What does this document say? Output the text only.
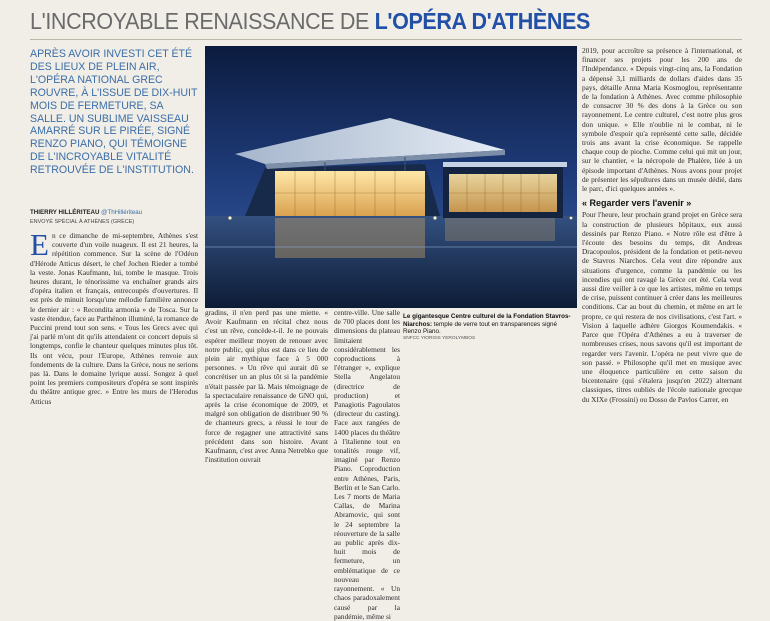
L'INCROYABLE RENAISSANCE DE L'OPÉRA D'ATHÈNES
APRÈS AVOIR INVESTI CET ÉTÉ DES LIEUX DE PLEIN AIR, L'OPÉRA NATIONAL GREC ROUVRE, À L'ISSUE DE DIX-HUIT MOIS DE FERMETURE, SA SALLE. UN SUBLIME VAISSEAU AMARRÉ SUR LE PIRÉE, SIGNÉ RENZO PIANO, QUI TÉMOIGNE DE L'INCROYABLE VITALITÉ RETROUVÉE DE L'INSTITUTION.
THIERRY HILLÉRITEAU @ThHillériteau
ENVOYÉ SPÉCIAL À ATHÈNES (GRÈCE)
Le gigantesque Centre culturel de la Fondation Stavros-Niarchos: temple de verre tout en transparences signé Renzo Piano.
SNFCC YIORGIS YEROLYMBOS

En ce dimanche de mi-septembre, Athènes s'est couverte d'un voile nuageux. Il est 21 heures, la répétition commence. Sur la scène de l'Odéon d'Hérode Atticus désert, le chef Jochen Rieder a tombé la veste. Jonas Kaufmann, lui, tombe le masque. Trois heures durant, le ténorissime va enchaîner grands airs d'opéra italien et français, entrecoupés d'ouvertures. Il est près de minuit lorsqu'une mélodie familière annonce le dernier air : « Recondita armonia » de Tosca. Sur la vaste étendue, face au Parthénon illuminé, la romance de Puccini prend tout son sens. « Tous les Grecs avec qui j'ai parlé m'ont dit qu'ils attendaient ce concert depuis si longtemps, confie le chanteur quelques minutes plus tôt. Ils ont vécu, pour l'Europe, Athènes renvoie aux fondements de la culture. Dans la Grèce, nous ne serions pas là. Dans le domaine lyrique aussi. Songez à quel point les premiers compositeurs d'opéra se sont inspirés du théâtre antique grec. » Entre les murs de l'Herodus Atticus

gradins, il n'en perd pas une miette. « Avoir Kaufmann en récital chez nous c'est un rêve, concède-t-il. Je ne pouvais espérer meilleur moyen de renouer avec notre public, qui plus est dans ce lieu de plein air mythique face à 5 000 personnes. » Un rêve qui aurait dû se concrétiser un an plus tôt si la pandémie n'était passée par là. Mais témoignage de la spectaculaire renaissance de GNO qui, après la crise économique de 2009, et malgré son obligation de distribuer 90 % de chanteurs grecs, a réussi le tour de force de regagner une attractivité sans précédent dans son histoire. Avant Kaufmann, c'est avec Anna Netrebko que l'institution ouvrait

centre-ville. Une salle de 700 places dont les dimensions du plateau limitaient considérablement les coproductions à l'étranger », explique Stella Angelatou (directrice de production) et Panagiotis Pagoulatos (directeur du casting). Face aux rangées de 1400 places du théâtre à l'italienne tout en tonalités rouge vif, imaginé par Renzo Piano. Coproduction entre Athènes, Paris, Berlin et le San Carlo. Les 7 morts de Maria Callas, de Marina Abramovic, qui sont le 24 septembre la réouverture de la salle au public après dix-huit mois de fermeture, un emblématique de ce nouveau rayonnement. « Un chaos paradoxalement causé par la pandémie, même si

2019, pour accroître sa présence à l'international, et financer ses projets pour les 200 ans de l'Indépendance. « Depuis vingt-cinq ans, la Fondation a dépensé 3,1 milliards de dollars d'aides dans 35 pays, détaille Anna Maria Kosmoglou, représentante de la fondation à Athènes. Avec comme philosophie de consacrer 30 % des dons à la Grèce ou son rayonnement. Le centre culturel, c'est notre plus gros don unique. » Elle n'oublie ni le combat, ni le symbole d'espoir qu'a représenté cette salle, décidée trois ans avant la crise économique. Se rappelle chaque coup de pioche. Comme celui qui mit un jour, sur le chantier, « la nécropole de Phalère, liée à un épisode important d'Athènes. Nous avons pour projet de présenter les sépultures dans un musée dédié, dans le parc, d'ici quelques années ».

« Regarder vers l'avenir »

Pour l'heure, leur prochain grand projet en Grèce sera la construction de plusieurs hôpitaux, eux aussi dessinés par Renzo Piano. « Notre rôle est d'être à l'écoute des besoins du temps, dit Andreas Dracopoulos, président de la fondation et petit-neveu de Stavros Niarchos. Cela veut dire répondre aux situations d'urgence, comme la pandémie ou les incendies qui ont ravagé la Grèce cet été. Cela veut aussi dire veiller à ce que les artistes, même en temps de crise, puissent continuer à créer dans les meilleures conditions. Car au bout du chemin, et même en art le propre, ce qui restera de nos civilisations, c'est l'art. » Vision à laquelle adhère Giorgos Koumendakis. « Parce que l'Opéra d'Athènes a eu à traverser de nombreuses crises, nous savons qu'il est important de regarder vers l'avenir. L'opéra ne peut vivre que de son passé. » Philosophe qu'il met en musique avec une éloquence particulière en cette saison du bicentenaire (qui s'étalera jusqu'en 2022) alternant classiques, titres oubliés de l'école nationale grecque du XIXe (Frossini) ou Dosso de Pavlos Carrer, en
